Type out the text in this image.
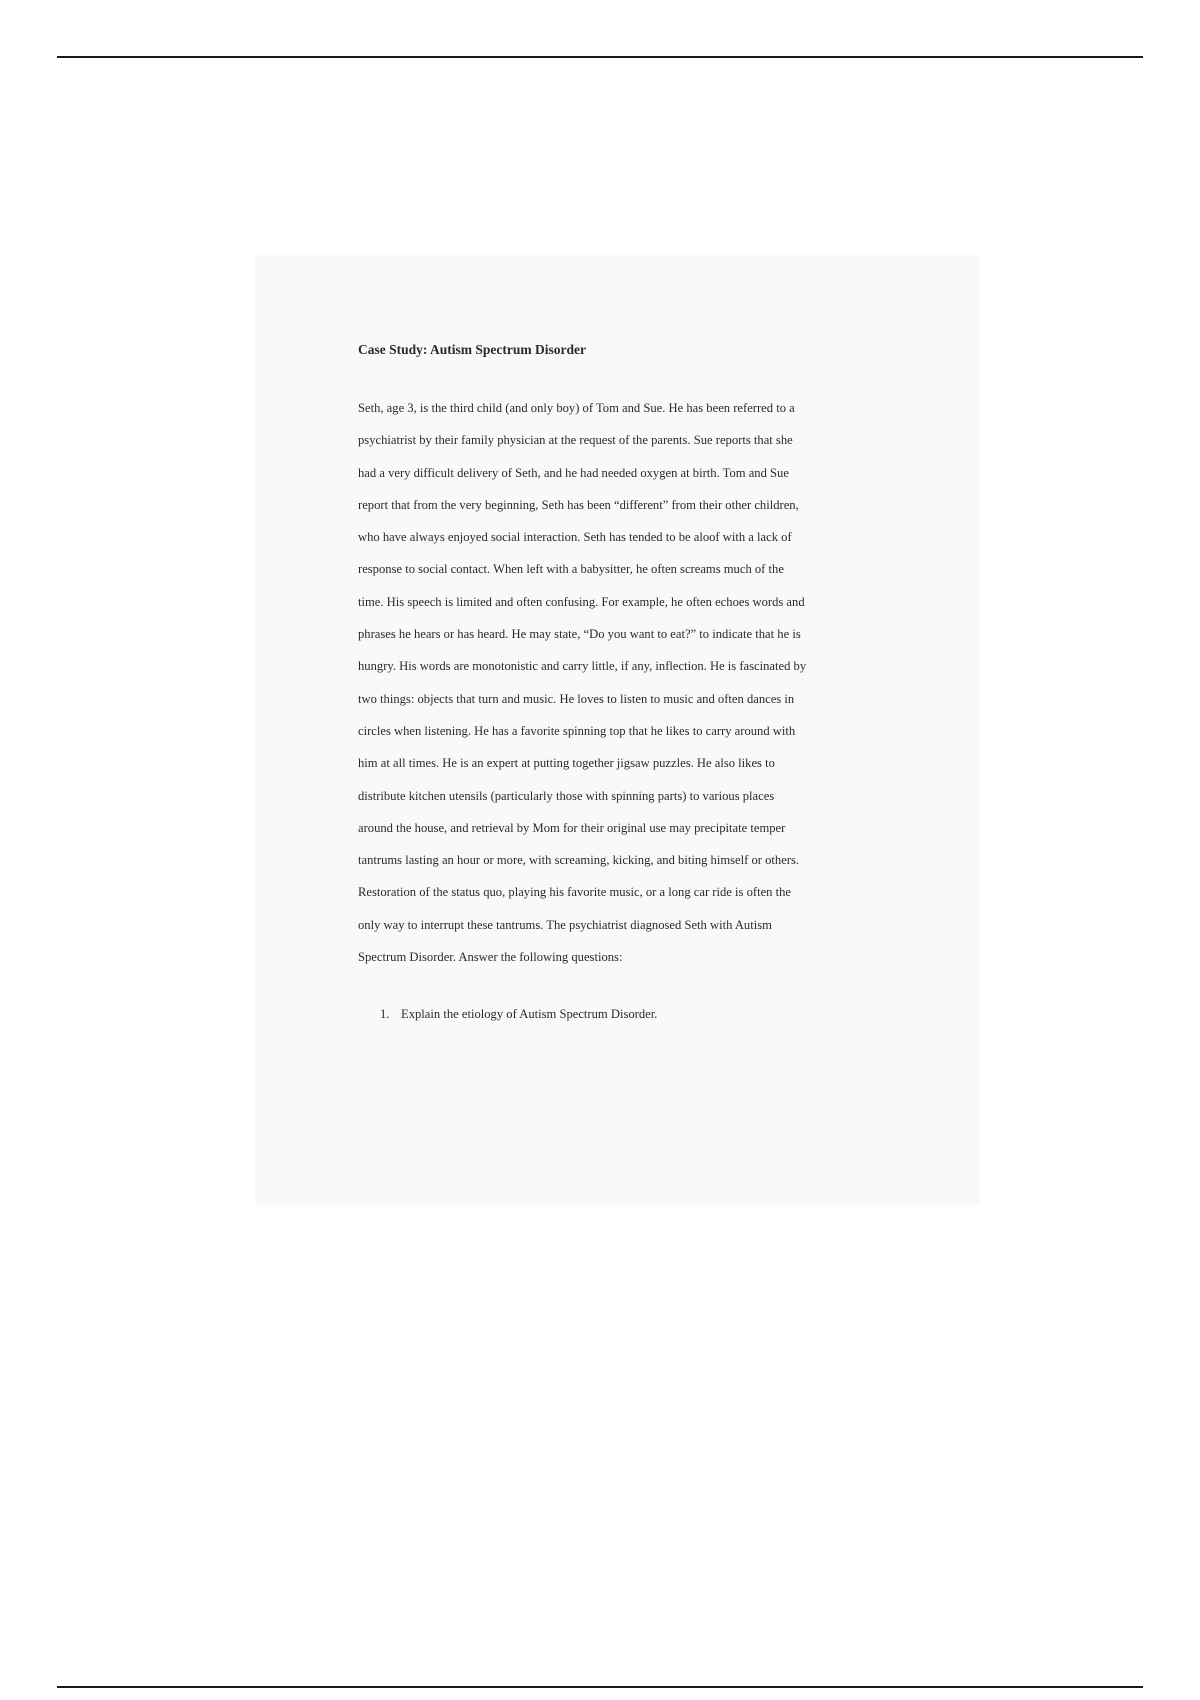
Case Study: Autism Spectrum Disorder
Seth, age 3, is the third child (and only boy) of Tom and Sue. He has been referred to a
psychiatrist by their family physician at the request of the parents. Sue reports that she
had a very difficult delivery of Seth, and he had needed oxygen at birth. Tom and Sue
report that from the very beginning, Seth has been “different” from their other children,
who have always enjoyed social interaction. Seth has tended to be aloof with a lack of
response to social contact. When left with a babysitter, he often screams much of the
time. His speech is limited and often confusing. For example, he often echoes words and
phrases he hears or has heard. He may state, “Do you want to eat?” to indicate that he is
hungry. His words are monotonistic and carry little, if any, inflection. He is fascinated by
two things: objects that turn and music. He loves to listen to music and often dances in
circles when listening. He has a favorite spinning top that he likes to carry around with
him at all times. He is an expert at putting together jigsaw puzzles. He also likes to
distribute kitchen utensils (particularly those with spinning parts) to various places
around the house, and retrieval by Mom for their original use may precipitate temper
tantrums lasting an hour or more, with screaming, kicking, and biting himself or others.
Restoration of the status quo, playing his favorite music, or a long car ride is often the
only way to interrupt these tantrums. The psychiatrist diagnosed Seth with Autism
Spectrum Disorder. Answer the following questions:
1. Explain the etiology of Autism Spectrum Disorder.
